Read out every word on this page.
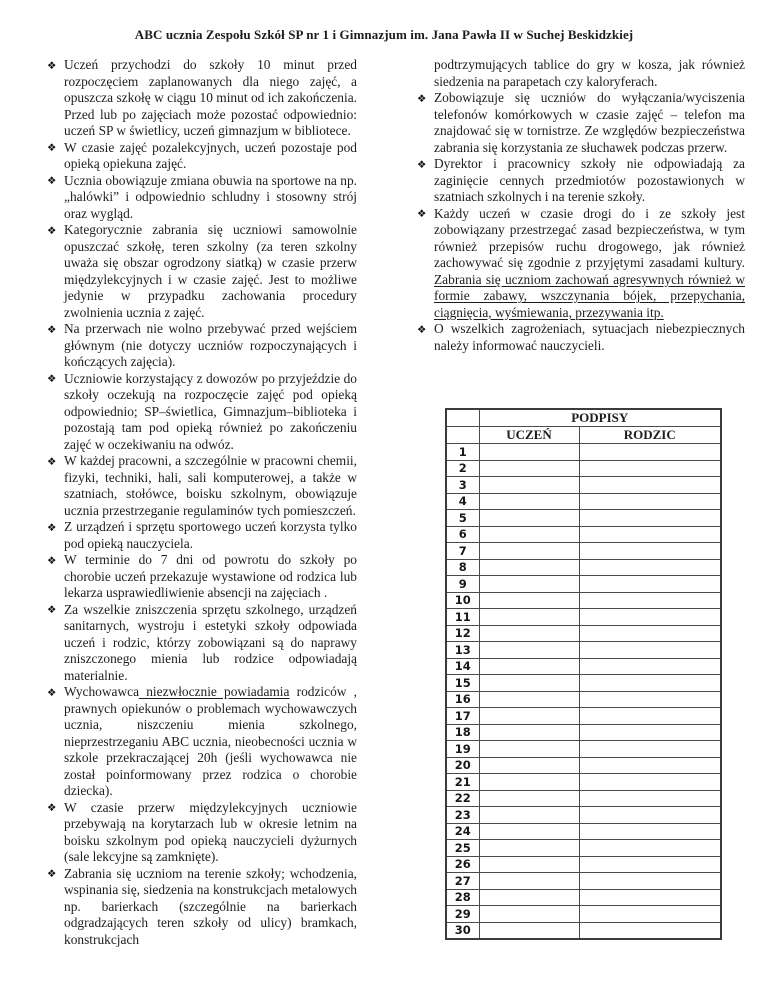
ABC ucznia Zespołu Szkół SP nr 1 i Gimnazjum im. Jana Pawła II w Suchej Beskidzkiej
❖ Uczeń przychodzi do szkoły 10 minut przed rozpoczęciem zaplanowanych dla niego zajęć, a opuszcza szkołę w ciągu 10 minut od ich zakończenia. Przed lub po zajęciach może pozostać odpowiednio: uczeń SP w świetlicy, uczeń gimnazjum w bibliotece.
❖ W czasie zajęć pozalekcyjnych, uczeń pozostaje pod opieką opiekuna zajęć.
❖ Ucznia obowiązuje zmiana obuwia na sportowe na np. „halówki” i odpowiednio schludny i stosowny strój oraz wygląd.
❖ Kategorycznie zabrania się uczniowi samowolnie opuszczać szkołę, teren szkolny (za teren szkolny uważa się obszar ogrodzony siatką) w czasie przerw międzylekcyjnych i w czasie zajęć. Jest to możliwe jedynie w przypadku zachowania procedury zwolnienia ucznia z zajęć.
❖ Na przerwach nie wolno przebywać przed wejściem głównym (nie dotyczy uczniów rozpoczynających i kończących zajęcia).
❖ Uczniowie korzystający z dowozów po przyjeździe do szkoły oczekują na rozpoczęcie zajęć pod opieką odpowiednio; SP–świetlica, Gimnazjum–biblioteka i pozostają tam pod opieką również po zakończeniu zajęć w oczekiwaniu na odwóz.
❖ W każdej pracowni, a szczególnie w pracowni chemii, fizyki, techniki, hali, sali komputerowej, a także w szatniach, stołówce, boisku szkolnym, obowiązuje ucznia przestrzeganie regulaminów tych pomieszczeń.
❖ Z urządzeń i sprzętu sportowego uczeń korzysta tylko pod opieką nauczyciela.
❖ W terminie do 7 dni od powrotu do szkoły po chorobie uczeń przekazuje wystawione od rodzica lub lekarza usprawiedliwienie absencji na zajęciach .
❖ Za wszelkie zniszczenia sprzętu szkolnego, urządzeń sanitarnych, wystroju i estetyki szkoły odpowiada uczeń i rodzic, którzy zobowiązani są do naprawy zniszczonego mienia lub rodzice odpowiadają materialnie.
❖ Wychowawca niezwłocznie powiadamia rodziców , prawnych opiekunów o problemach wychowawczych ucznia, niszczeniu mienia szkolnego, nieprzestrzeganiu ABC ucznia, nieobecności ucznia w szkole przekraczającej 20h (jeśli wychowawca nie został poinformowany przez rodzica o chorobie dziecka).
❖ W czasie przerw międzylekcyjnych uczniowie przebywają na korytarzach lub w okresie letnim na boisku szkolnym pod opieką nauczycieli dyżurnych (sale lekcyjne są zamknięte).
❖ Zabrania się uczniom na terenie szkoły; wchodzenia, wspinania się, siedzenia na konstrukcjach metalowych np. barierkach (szczególnie na barierkach odgradzających teren szkoły od ulicy) bramkach, konstrukcjach

podtrzymujących tablice do gry w kosza, jak również siedzenia na parapetach czy kaloryferach.

❖ Zobowiązuje się uczniów do wyłączania/wyciszenia telefonów komórkowych w czasie zajęć – telefon ma znajdować się w tornistrze. Ze względów bezpieczeństwa zabrania się korzystania ze słuchawek podczas przerw.
❖ Dyrektor i pracownicy szkoły nie odpowiadają za zaginięcie cennych przedmiotów pozostawionych w szatniach szkolnych i na terenie szkoły.
❖ Każdy uczeń w czasie drogi do i ze szkoły jest zobowiązany przestrzegać zasad bezpieczeństwa, w tym również przepisów ruchu drogowego, jak również zachowywać się zgodnie z przyjętymi zasadami kultury. Zabrania się uczniom zachowań agresywnych również w formie zabawy, wszczynania bójek, przepychania, ciągnięcia, wyśmiewania, przezywania itp.
❖ O wszelkich zagrożeniach, sytuacjach niebezpiecznych należy informować nauczycieli.
	PODPISY	
	UCZEŃ	RODZIC
1		
2		
3		
4		
5		
6		
7		
8		
9		
10		
11		
12		
13		
14		
15		
16		
17		
18		
19		
20		
21		
22		
23		
24		
25		
26		
27		
28		
29		
30		
